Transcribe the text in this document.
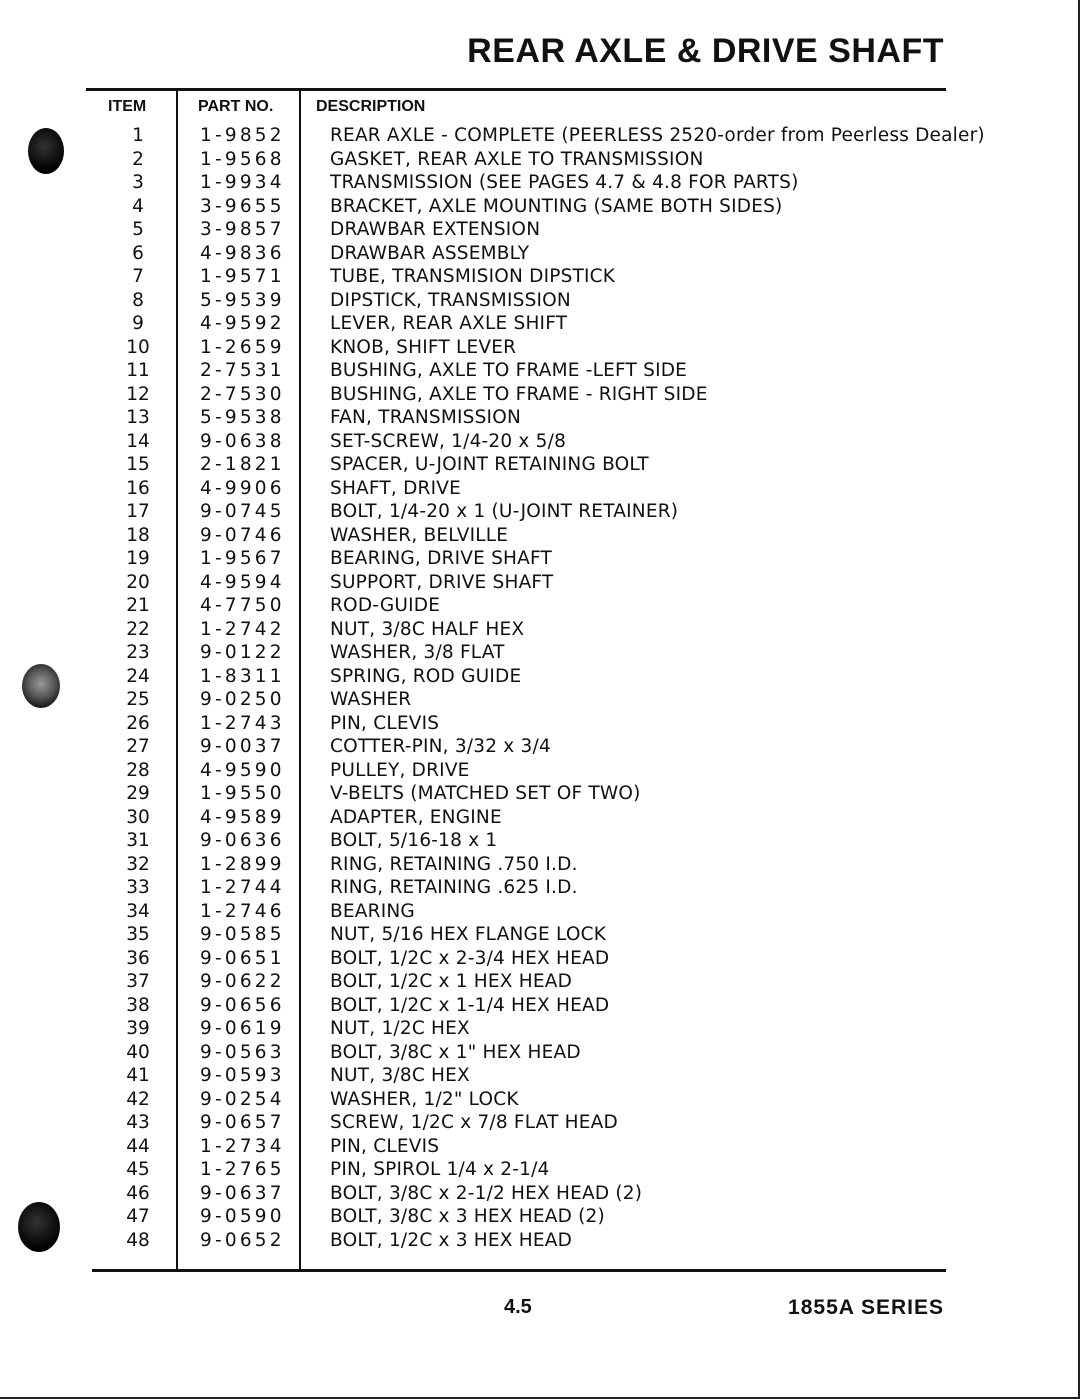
REAR AXLE & DRIVE SHAFT
ITEM	PART NO.	DESCRIPTION
1	1-9852 REAR AXLE - COMPLETE (PEERLESS 2520-order from Peerless Dealer)
2	1-9568 GASKET, REAR AXLE TO TRANSMISSION
3	1-9934 TRANSMISSION (SEE PAGES 4.7 & 4.8 FOR PARTS)
4	3-9655 BRACKET, AXLE MOUNTING (SAME BOTH SIDES)
5	3-9857 DRAWBAR EXTENSION
6	4-9836 DRAWBAR ASSEMBLY
7	1-9571 TUBE, TRANSMISION DIPSTICK
8	5-9539 DIPSTICK, TRANSMISSION
9	4-9592 LEVER, REAR AXLE SHIFT
10	1-2659 KNOB, SHIFT LEVER
11	2-7531 BUSHING, AXLE TO FRAME -LEFT SIDE
12	2-7530 BUSHING, AXLE TO FRAME - RIGHT SIDE
13	5-9538 FAN, TRANSMISSION
14	9-0638 SET-SCREW, 1/4-20 x 5/8
15	2-1821 SPACER, U-JOINT RETAINING BOLT
16	4-9906 SHAFT, DRIVE
17	9-0745 BOLT, 1/4-20 x 1 (U-JOINT RETAINER)
18	9-0746 WASHER, BELVILLE
19	1-9567 BEARING, DRIVE SHAFT
20	4-9594 SUPPORT, DRIVE SHAFT
21	4-7750 ROD-GUIDE
22	1-2742 NUT, 3/8C HALF HEX
23	9-0122 WASHER, 3/8 FLAT
24	1-8311 SPRING, ROD GUIDE
25	9-0250 WASHER
26	1-2743 PIN, CLEVIS
27	9-0037 COTTER-PIN, 3/32 x 3/4
28	4-9590 PULLEY, DRIVE
29	1-9550 V-BELTS (MATCHED SET OF TWO)
30	4-9589 ADAPTER, ENGINE
31	9-0636 BOLT, 5/16-18 x 1
32	1-2899 RING, RETAINING .750 I.D.
33	1-2744 RING, RETAINING .625 I.D.
34	1-2746 BEARING
35	9-0585 NUT, 5/16 HEX FLANGE LOCK
36	9-0651 BOLT, 1/2C x 2-3/4 HEX HEAD
37	9-0622 BOLT, 1/2C x 1 HEX HEAD
38	9-0656 BOLT, 1/2C x 1-1/4 HEX HEAD
39	9-0619 NUT, 1/2C HEX
40	9-0563 BOLT, 3/8C x 1" HEX HEAD
41	9-0593 NUT, 3/8C HEX
42	9-0254 WASHER, 1/2" LOCK
43	9-0657 SCREW, 1/2C x 7/8 FLAT HEAD
44	1-2734 PIN, CLEVIS
45	1-2765 PIN, SPIROL 1/4 x 2-1/4
46	9-0637 BOLT, 3/8C x 2-1/2 HEX HEAD (2)
47	9-0590 BOLT, 3/8C x 3 HEX HEAD (2)
48	9-0652 BOLT, 1/2C x 3 HEX HEAD
4.5	1855A SERIES
